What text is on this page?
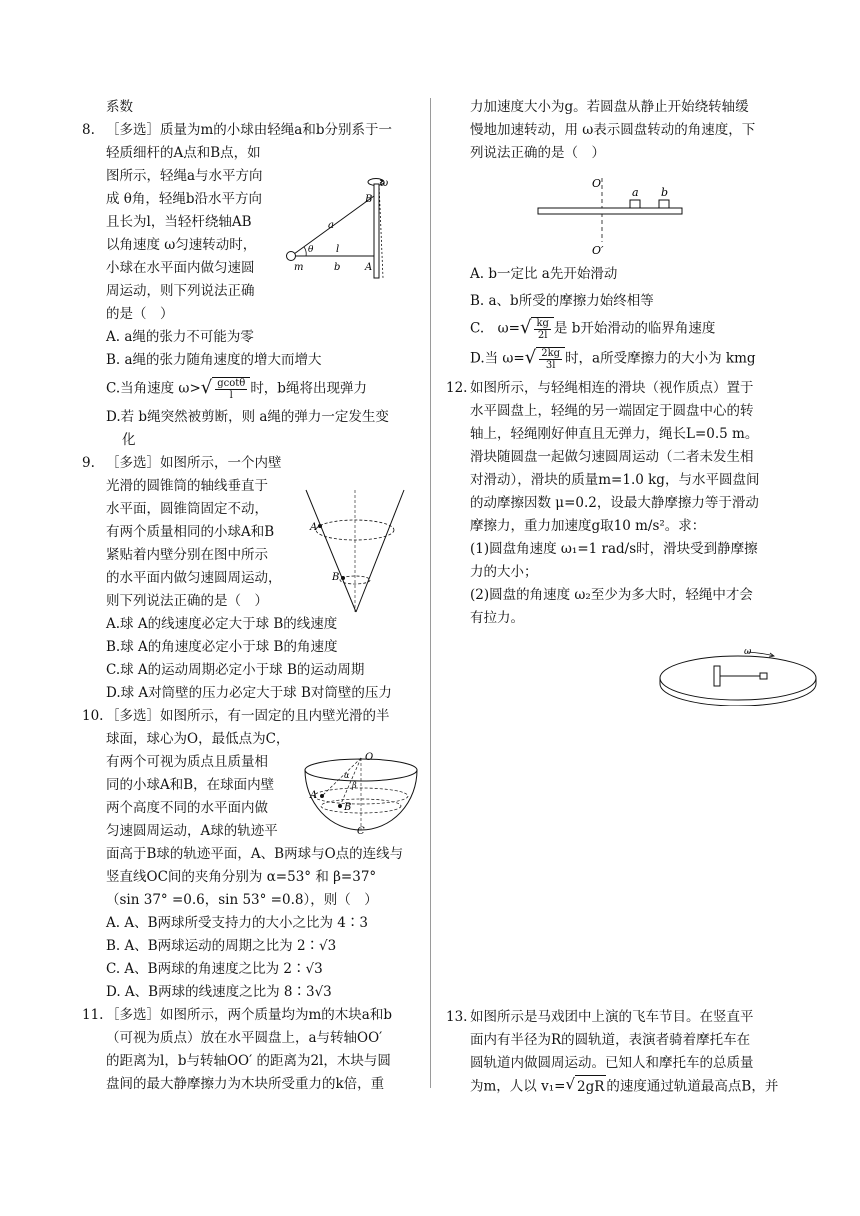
系数

8. ［多选］质量为m的小球由轻绳a和b分别系于一

轻质细杆的A点和B点，如

图所示，轻绳a与水平方向

成 θ角，轻绳b沿水平方向

且长为l，当轻杆绕轴AB

以角速度 ω匀速转动时，

小球在水平面内做匀速圆

周运动，则下列说法正确

的是（　）

A. a绳的张力不可能为零

B. a绳的张力随角速度的增大而增大

C.当角速度 ω> √ $\frac{gcot\theta}{l}$ 时，b绳将出现弹力

D.若 b绳突然被剪断，则 a绳的弹力一定发生变

化

9. ［多选］如图所示，一个内壁

光滑的圆锥筒的轴线垂直于

水平面，圆锥筒固定不动，

有两个质量相同的小球A和B

紧贴着内壁分别在图中所示

的水平面内做匀速圆周运动，

则下列说法正确的是（　）

A.球 A的线速度必定大于球 B的线速度

B.球 A的角速度必定小于球 B的角速度

C.球 A的运动周期必定小于球 B的运动周期

D.球 A对筒壁的压力必定大于球 B对筒壁的压力

10. ［多选］如图所示，有一固定的且内壁光滑的半

球面，球心为O，最低点为C，

有两个可视为质点且质量相

同的小球A和B，在球面内壁

两个高度不同的水平面内做

匀速圆周运动，A球的轨迹平

面高于B球的轨迹平面，A、B两球与O点的连线与

竖直线OC间的夹角分别为 α=53° 和 β=37°

（sin 37° =0.6，sin 53° =0.8），则（　）

A. A、B两球所受支持力的大小之比为 4∶3

B. A、B两球运动的周期之比为 2∶√3

C. A、B两球的角速度之比为 2∶√3

D. A、B两球的线速度之比为 8∶3√3

11. ［多选］如图所示，两个质量均为m的木块a和b

（可视为质点）放在水平圆盘上，a与转轴OO′

的距离为l，b与转轴OO′ 的距离为2l，木块与圆

盘间的最大静摩擦力为木块所受重力的k倍，重

ω
B
a
θ l
m	b A
A
B
O
A
B
C
α
β

力加速度大小为g。若圆盘从静止开始绕转轴缓

慢地加速转动，用 ω表示圆盘转动的角速度，下

列说法正确的是（　）

A. b一定比 a先开始滑动

B. a、b所受的摩擦力始终相等

C.　ω= √ $\frac{kg}{2l}$ 是 b开始滑动的临界角速度

D.当 ω= √ $\frac{2kg}{3l}$ 时，a所受摩擦力的大小为 kmg

12. 如图所示，与轻绳相连的滑块（视作质点）置于

水平圆盘上，轻绳的另一端固定于圆盘中心的转

轴上，轻绳刚好伸直且无弹力，绳长L=0.5 m。

滑块随圆盘一起做匀速圆周运动（二者未发生相

对滑动），滑块的质量m=1.0 kg，与水平圆盘间

的动摩擦因数 μ=0.2，设最大静摩擦力等于滑动

摩擦力，重力加速度g取10 m/s²。求：

(1)圆盘角速度 ω₁=1 rad/s时，滑块受到静摩擦

力的大小；

(2)圆盘的角速度 ω₂至少为多大时，轻绳中才会

有拉力。

O
O′
a b
ω
13. 如图所示是马戏团中上演的飞车节目。在竖直平

面内有半径为R的圆轨道，表演者骑着摩托车在

圆轨道内做圆周运动。已知人和摩托车的总质量

为m，人以 v₁= √ 2gR 的速度通过轨道最高点B，并
